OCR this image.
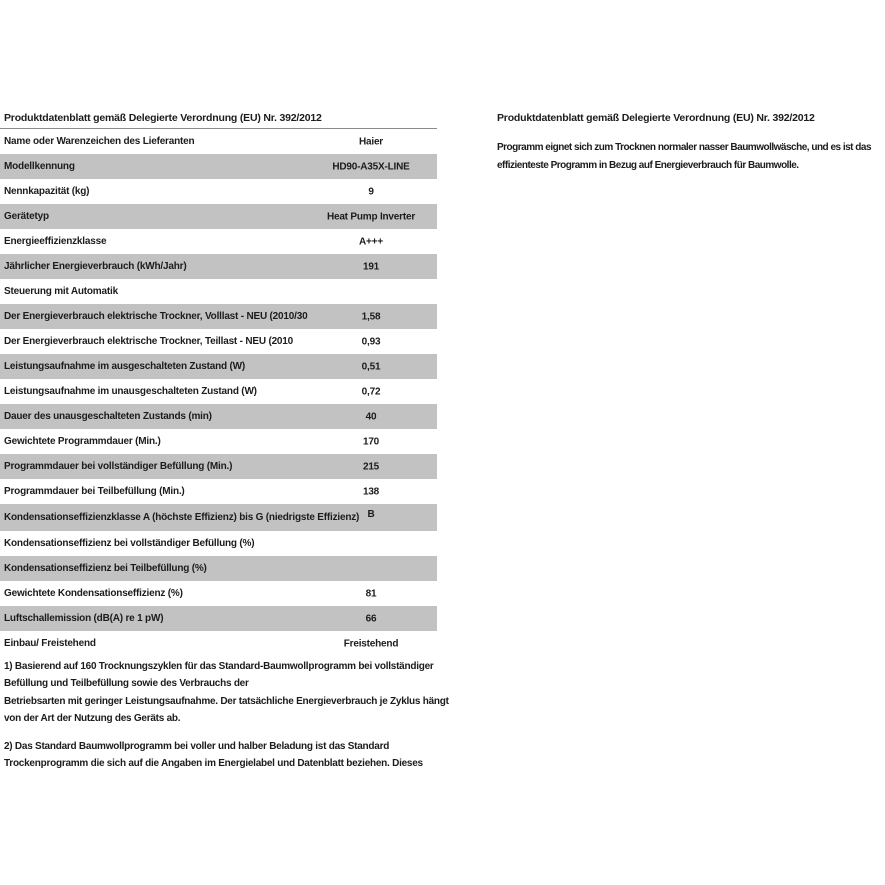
Produktdatenblatt gemäß Delegierte Verordnung (EU) Nr. 392/2012
Name oder Warenzeichen des Lieferanten	Haier
Modellkennung	HD90-A35X-LINE
Nennkapazität (kg)	9
Gerätetyp	Heat Pump Inverter
Energieeffizienzklasse	A+++
Jährlicher Energieverbrauch (kWh/Jahr)	191
Steuerung mit Automatik
Der Energieverbrauch elektrische Trockner, Volllast - NEU (2010/30	1,58
Der Energieverbrauch elektrische Trockner, Teillast - NEU (2010	0,93
Leistungsaufnahme im ausgeschalteten Zustand (W)	0,51
Leistungsaufnahme im unausgeschalteten Zustand (W)	0,72
Dauer des unausgeschalteten Zustands (min)	40
Gewichtete Programmdauer (Min.)	170
Programmdauer bei vollständiger Befüllung (Min.)	215
Programmdauer bei Teilbefüllung (Min.)	138
Kondensationseffizienzklasse A (höchste Effizienz) bis G (niedrigste Effizienz) B
Kondensationseffizienz bei vollständiger Befüllung (%)
Kondensationseffizienz bei Teilbefüllung (%)
Gewichtete Kondensationseffizienz (%)	81
Luftschallemission (dB(A) re 1 pW)	66
Einbau/ Freistehend	Freistehend
1) Basierend auf 160 Trocknungszyklen für das Standard-Baumwollprogramm bei vollständiger
Befüllung und Teilbefüllung sowie des Verbrauchs der
Betriebsarten mit geringer Leistungsaufnahme. Der tatsächliche Energieverbrauch je Zyklus hängt
von der Art der Nutzung des Geräts ab.
2) Das Standard Baumwollprogramm bei voller und halber Beladung ist das Standard
Trockenprogramm die sich auf die Angaben im Energielabel und Datenblatt beziehen. Dieses
Produktdatenblatt gemäß Delegierte Verordnung (EU) Nr. 392/2012
Programm eignet sich zum Trocknen normaler nasser Baumwollwäsche, und es ist das
effizienteste Programm in Bezug auf Energieverbrauch für Baumwolle.
